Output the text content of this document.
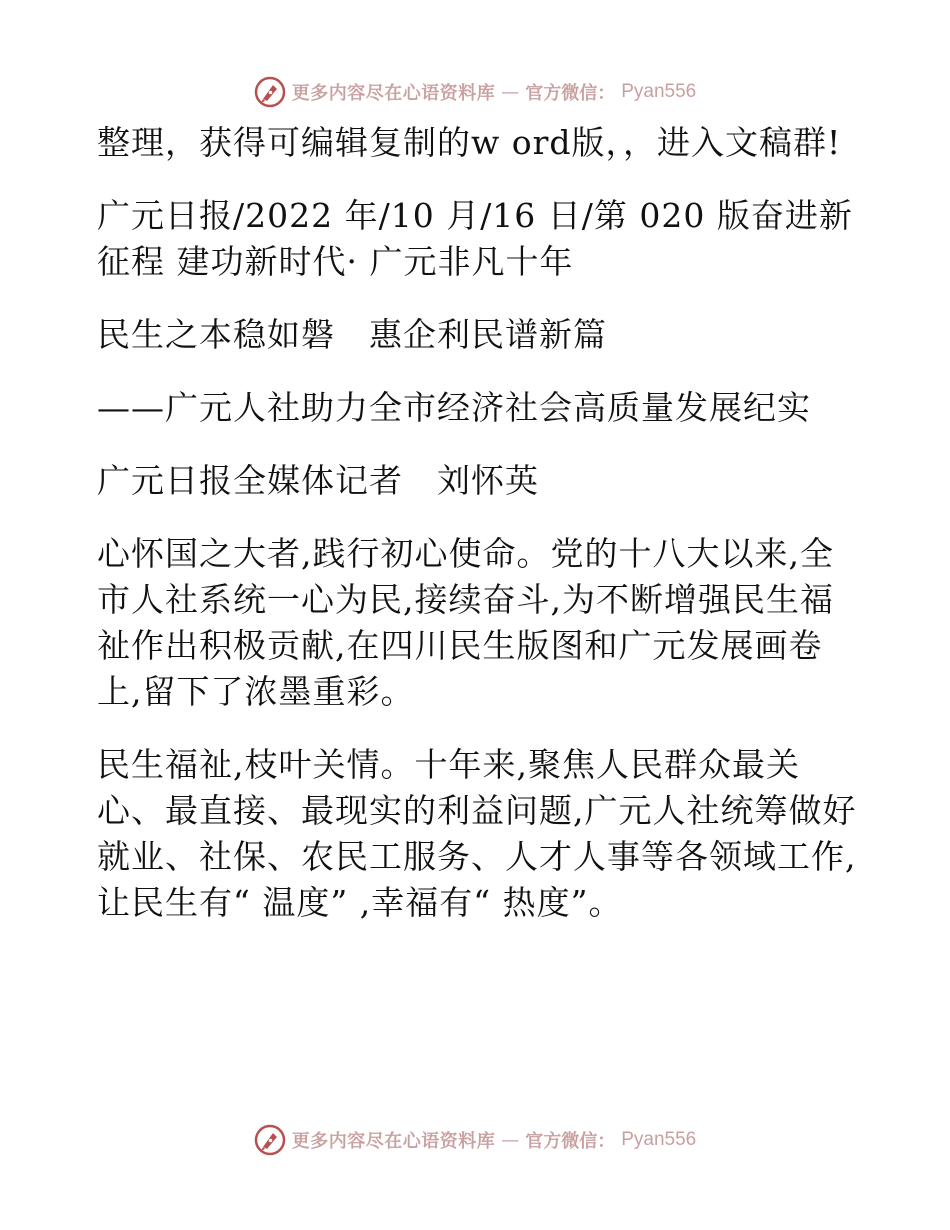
更多内容尽在心语资料库 — 官方微信： Pyan556

整理，获得可编辑复制的w ord版，，进入文稿群!

广元日报/2022 年/10 月/16 日/第 020 版奋进新征程 建功新时代· 广元非凡十年

民生之本稳如磐　惠企利民谱新篇

——广元人社助力全市经济社会高质量发展纪实

广元日报全媒体记者　刘怀英

心怀国之大者,践行初心使命。党的十八大以来,全市人社系统一心为民,接续奋斗,为不断增强民生福祉作出积极贡献,在四川民生版图和广元发展画卷上,留下了浓墨重彩。

民生福祉,枝叶关情。十年来,聚焦人民群众最关心、最直接、最现实的利益问题,广元人社统筹做好就业、社保、农民工服务、人才人事等各领域工作,让民生有“ 温度” ,幸福有“ 热度”。

更多内容尽在心语资料库 — 官方微信： Pyan556
